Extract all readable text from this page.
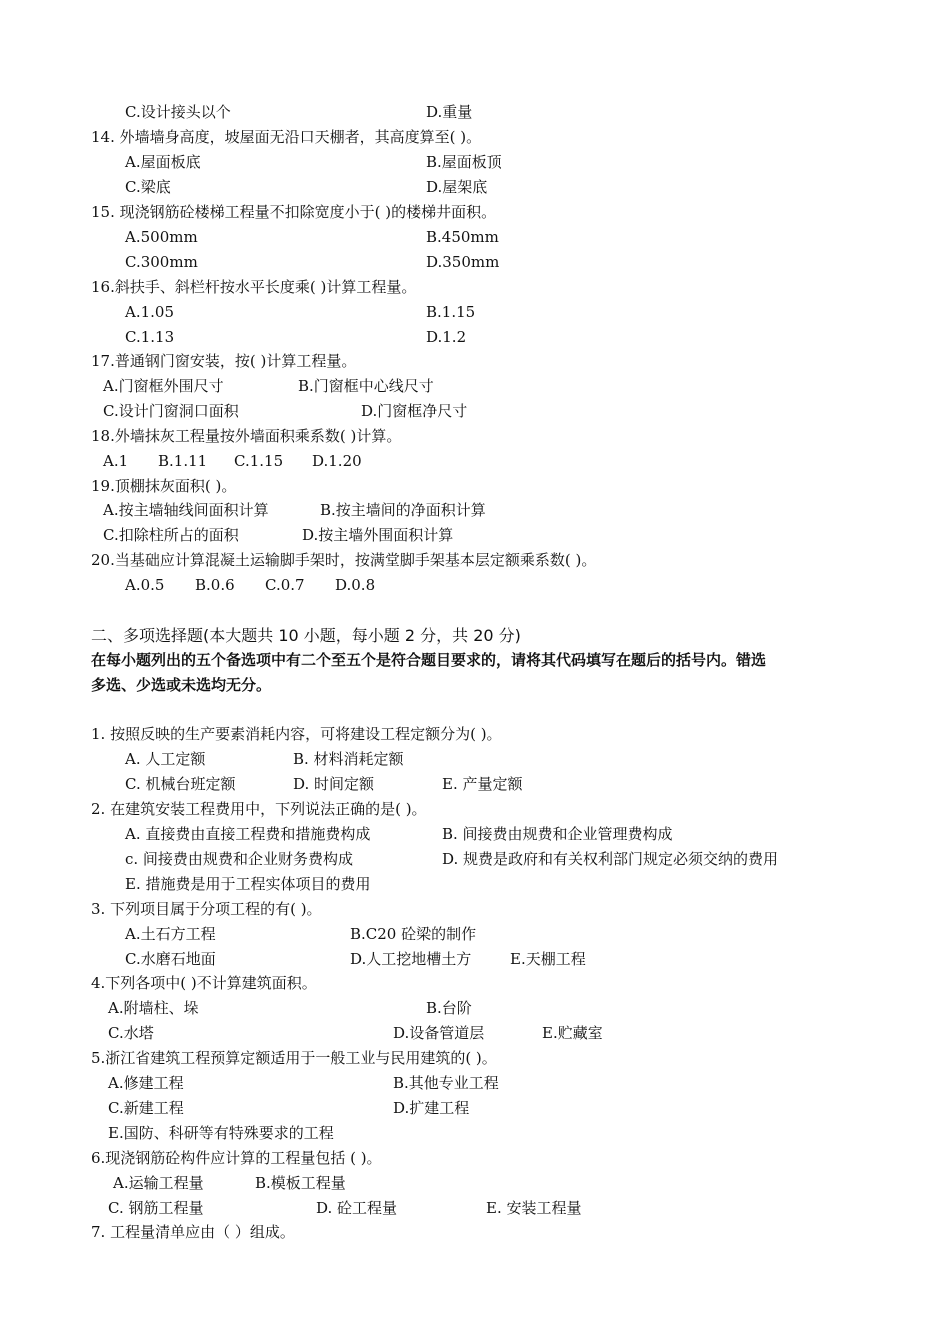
C.设计接头以个	D.重量
14. 外墙墙身高度，坡屋面无沿口天棚者，其高度算至( )。
A.屋面板底	B.屋面板顶
C.梁底	D.屋架底
15. 现浇钢筋砼楼梯工程量不扣除宽度小于( )的楼梯井面积。
A.500mm	B.450mm
C.300mm	D.350mm
16.斜扶手、斜栏杆按水平长度乘( )计算工程量。
A.1.05	B.1.15
C.1.13	D.1.2
17.普通钢门窗安装，按( )计算工程量。
A.门窗框外围尺寸	B.门窗框中心线尺寸
C.设计门窗洞口面积	D.门窗框净尺寸
18.外墙抹灰工程量按外墙面积乘系数( )计算。
A.1 B.1.11 C.1.15 D.1.20
19.顶棚抹灰面积( )。
A.按主墙轴线间面积计算	B.按主墙间的净面积计算
C.扣除柱所占的面积	D.按主墙外围面积计算
20.当基础应计算混凝土运输脚手架时，按满堂脚手架基本层定额乘系数( )。
A.0.5 B.0.6 C.0.7 D.0.8
二、多项选择题(本大题共 10 小题，每小题 2 分，共 20 分)
在每小题列出的五个备选项中有二个至五个是符合题目要求的，请将其代码填写在题后的括号内。错选
多选、少选或未选均无分。
1. 按照反映的生产要素消耗内容，可将建设工程定额分为( )。
A. 人工定额	B. 材料消耗定额
C. 机械台班定额	D. 时间定额	E. 产量定额
2. 在建筑安装工程费用中，下列说法正确的是( )。
A. 直接费由直接工程费和措施费构成	B. 间接费由规费和企业管理费构成
c. 间接费由规费和企业财务费构成	D. 规费是政府和有关权利部门规定必须交纳的费用
E. 措施费是用于工程实体项目的费用
3. 下列项目属于分项工程的有( )。
A.土石方工程	B.C20 砼梁的制作
C.水磨石地面	D.人工挖地槽土方	E.天棚工程
4.下列各项中( )不计算建筑面积。
A.附墙柱、垛	B.台阶
C.水塔	D.设备管道层	E.贮藏室
5.浙江省建筑工程预算定额适用于一般工业与民用建筑的( )。
A.修建工程	B.其他专业工程
C.新建工程	D.扩建工程
E.国防、科研等有特殊要求的工程
6.现浇钢筋砼构件应计算的工程量包括 ( )。
A.运输工程量	B.模板工程量
C. 钢筋工程量	D. 砼工程量	E. 安装工程量
7. 工程量清单应由（ ）组成。
